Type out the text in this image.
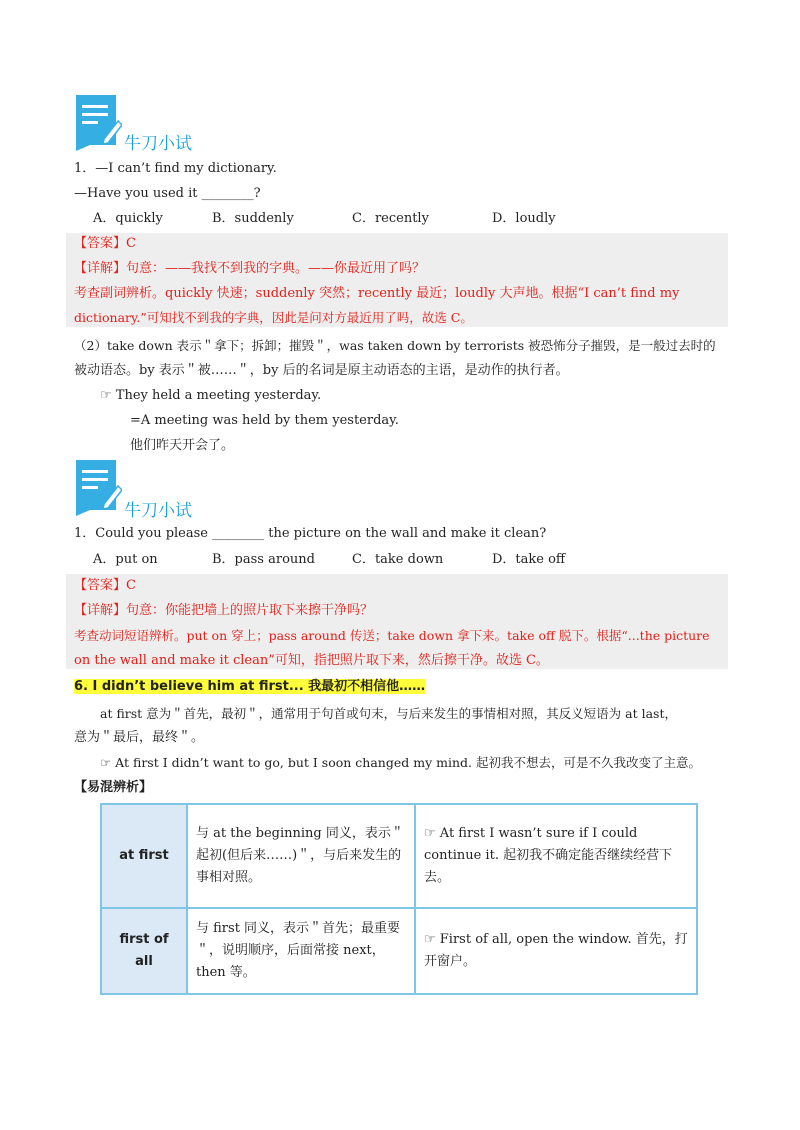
牛刀小试
1．—I can’t find my dictionary.
—Have you used it ________?
A．quickly	B．suddenly	C．recently	D．loudly
【答案】C
【详解】句意：——我找不到我的字典。——你最近用了吗？
考查副词辨析。quickly 快速；suddenly 突然；recently 最近；loudly 大声地。根据“I can’t find my
dictionary.”可知找不到我的字典，因此是问对方最近用了吗，故选 C。
（2）take down 表示＂拿下；拆卸；摧毁＂，was taken down by terrorists 被恐怖分子摧毁，是一般过去时的
被动语态。by 表示＂被……＂，by 后的名词是原主动语态的主语，是动作的执行者。
☞ They held a meeting yesterday.
=A meeting was held by them yesterday.
他们昨天开会了。
牛刀小试
1．Could you please ________ the picture on the wall and make it clean?
A．put on	B．pass around	C．take down	D．take off
【答案】C
【详解】句意：你能把墙上的照片取下来擦干净吗？
考查动词短语辨析。put on 穿上；pass around 传送；take down 拿下来。take off 脱下。根据“...the picture
on the wall and make it clean”可知，指把照片取下来，然后擦干净。故选 C。
6. I didn’t believe him at first... 我最初不相信他……
at first 意为＂首先，最初＂，通常用于句首或句末，与后来发生的事情相对照，其反义短语为 at last，
意为＂最后，最终＂。
☞ At first I didn’t want to go, but I soon changed my mind. 起初我不想去，可是不久我改变了主意。
【易混辨析】
at first	与 at the beginning 同义，表示＂起初(但后来……)＂，与后来发生的事相对照。	☞ At first I wasn’t sure if I could continue it. 起初我不确定能否继续经营下去。
first of all	与 first 同义，表示＂首先；最重要＂，说明顺序，后面常接 next，then 等。	☞ First of all, open the window. 首先，打开窗户。
